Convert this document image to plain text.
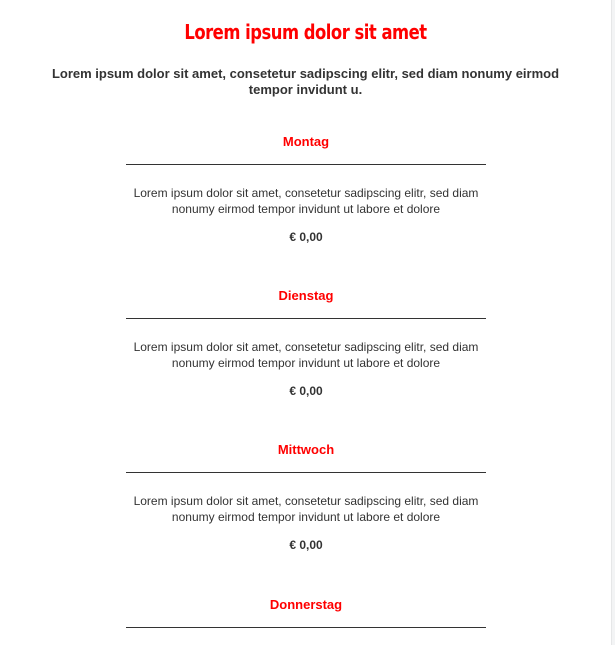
Lorem ipsum dolor sit amet
Lorem ipsum dolor sit amet, consetetur sadipscing elitr, sed diam nonumy eirmod tempor invidunt u.
Montag
Lorem ipsum dolor sit amet, consetetur sadipscing elitr, sed diam nonumy eirmod tempor invidunt ut labore et dolore
€ 0,00
Dienstag
Lorem ipsum dolor sit amet, consetetur sadipscing elitr, sed diam nonumy eirmod tempor invidunt ut labore et dolore
€ 0,00
Mittwoch
Lorem ipsum dolor sit amet, consetetur sadipscing elitr, sed diam nonumy eirmod tempor invidunt ut labore et dolore
€ 0,00
Donnerstag
